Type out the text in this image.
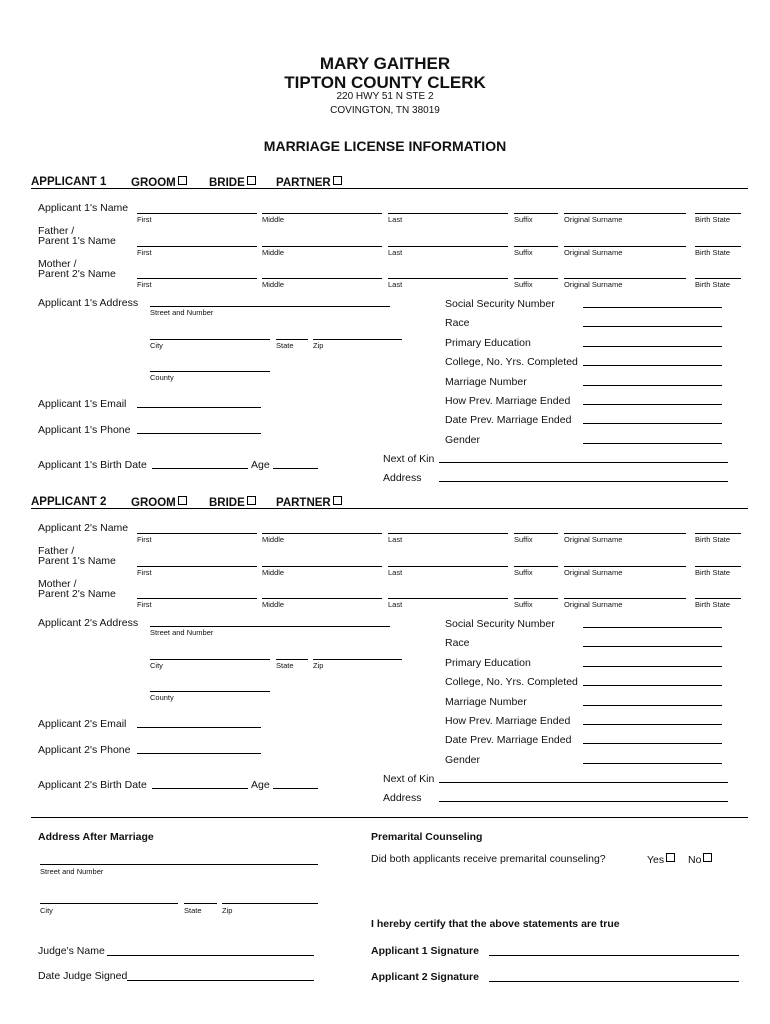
MARY GAITHER
TIPTON COUNTY CLERK
220 HWY 51 N STE 2
COVINGTON, TN 38019
MARRIAGE LICENSE INFORMATION
APPLICANT 1 GROOM	BRIDE	PARTNER
Applicant 1's Name
First	Middle	Last	Suffix	Original Surname	Birth State
Father /
Parent 1's Name
First	Middle	Last	Suffix	Original Surname	Birth State
Mother /
Parent 2's Name
First	Middle	Last	Suffix	Original Surname	Birth State
Applicant 1's Address
Street and Number
City	State	Zip
County
Applicant 1's Email
Applicant 1's Phone
Applicant 1's Birth Date	Age
Social Security Number
Race
Primary Education
College, No. Yrs. Completed
Marriage Number
How Prev. Marriage Ended
Date Prev. Marriage Ended
Gender
Next of Kin
Address
APPLICANT 2 GROOM	BRIDE	PARTNER
Applicant 2's Name
First	Middle	Last	Suffix	Original Surname	Birth State
Father /
Parent 1's Name
First	Middle	Last	Suffix	Original Surname	Birth State
Mother /
Parent 2's Name
First	Middle	Last	Suffix	Original Surname	Birth State
Applicant 2's Address
Street and Number
City	State	Zip
County
Applicant 2's Email
Applicant 2's Phone
Applicant 2's Birth Date	Age
Social Security Number
Race
Primary Education
College, No. Yrs. Completed
Marriage Number
How Prev. Marriage Ended
Date Prev. Marriage Ended
Gender
Next of Kin
Address
Address After Marriage	Premarital Counseling
Did both applicants receive premarital counseling?	Yes	No
Street and Number
City	State	Zip
I hereby certify that the above statements are true
Judge's Name	Applicant 1 Signature
Date Judge Signed	Applicant 2 Signature
